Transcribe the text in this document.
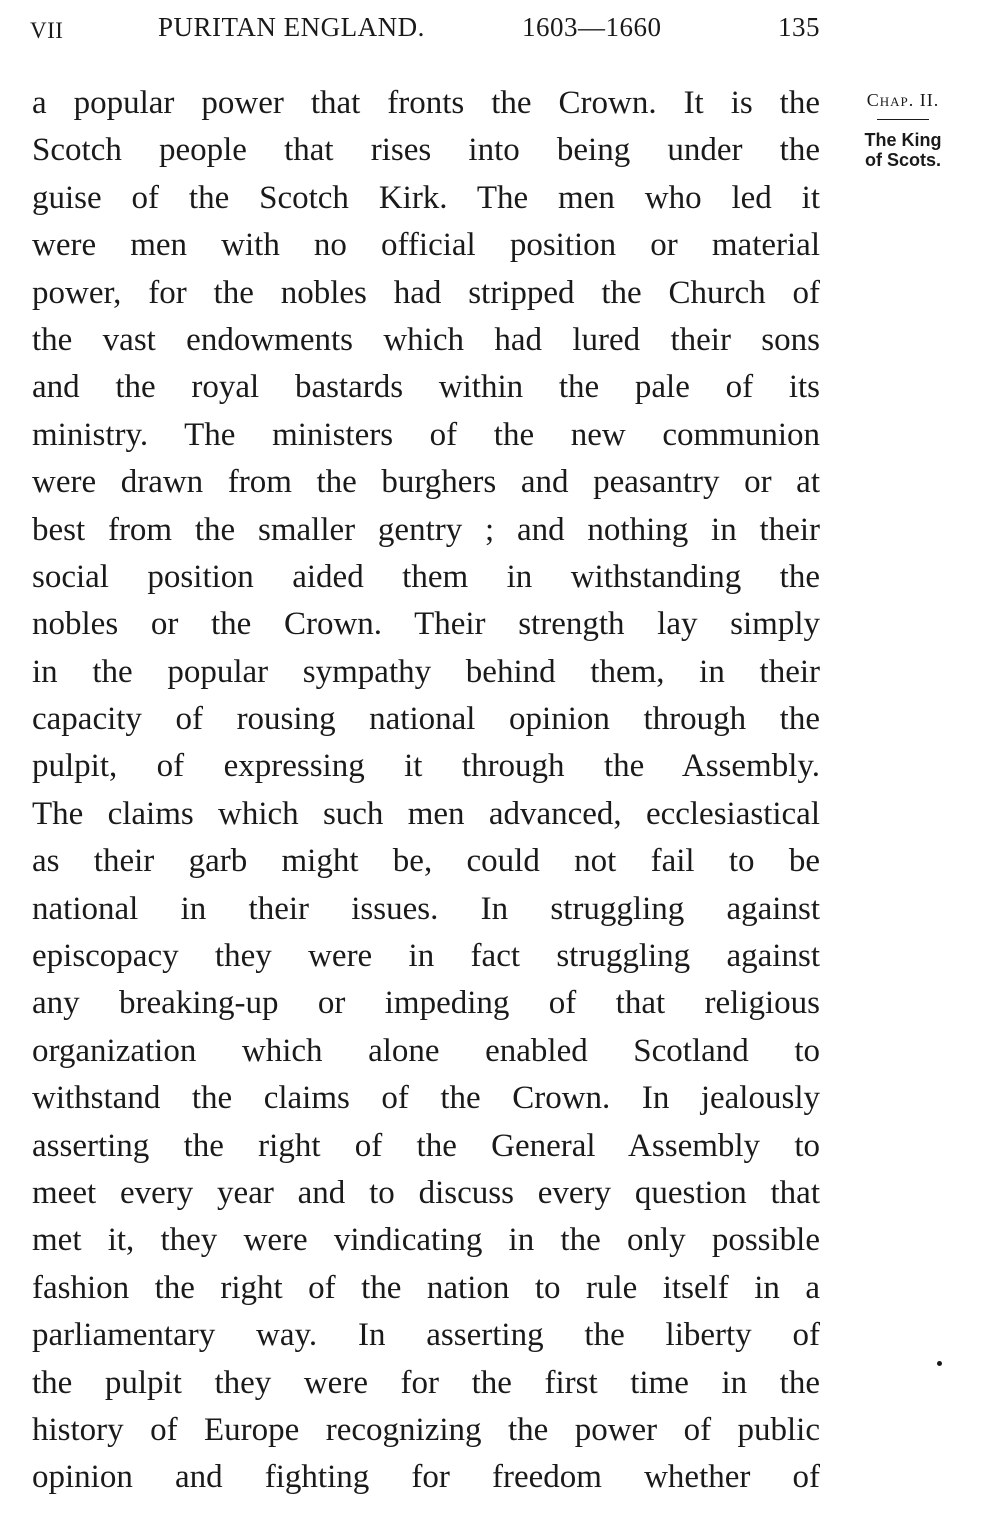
VII	PURITAN ENGLAND.	1603—1660	135
a popular power that fronts the Crown. It is the
Scotch people that rises into being under the
guise of the Scotch Kirk. The men who led it
were men with no official position or material
power, for the nobles had stripped the Church of
the vast endowments which had lured their sons
and the royal bastards within the pale of its
ministry. The ministers of the new communion
were drawn from the burghers and peasantry or at
best from the smaller gentry ; and nothing in their
social position aided them in withstanding the
nobles or the Crown. Their strength lay simply
in the popular sympathy behind them, in their
capacity of rousing national opinion through the
pulpit, of expressing it through the Assembly.
The claims which such men advanced, ecclesiastical
as their garb might be, could not fail to be
national in their issues. In struggling against
episcopacy they were in fact struggling against
any breaking-up or impeding of that religious
organization which alone enabled Scotland to
withstand the claims of the Crown. In jealously
asserting the right of the General Assembly to
meet every year and to discuss every question that
met it, they were vindicating in the only possible
fashion the right of the nation to rule itself in a
parliamentary way. In asserting the liberty of
the pulpit they were for the first time in the
history of Europe recognizing the power of public
opinion and fighting for freedom whether of
Chap. II.
The King
of Scots.
